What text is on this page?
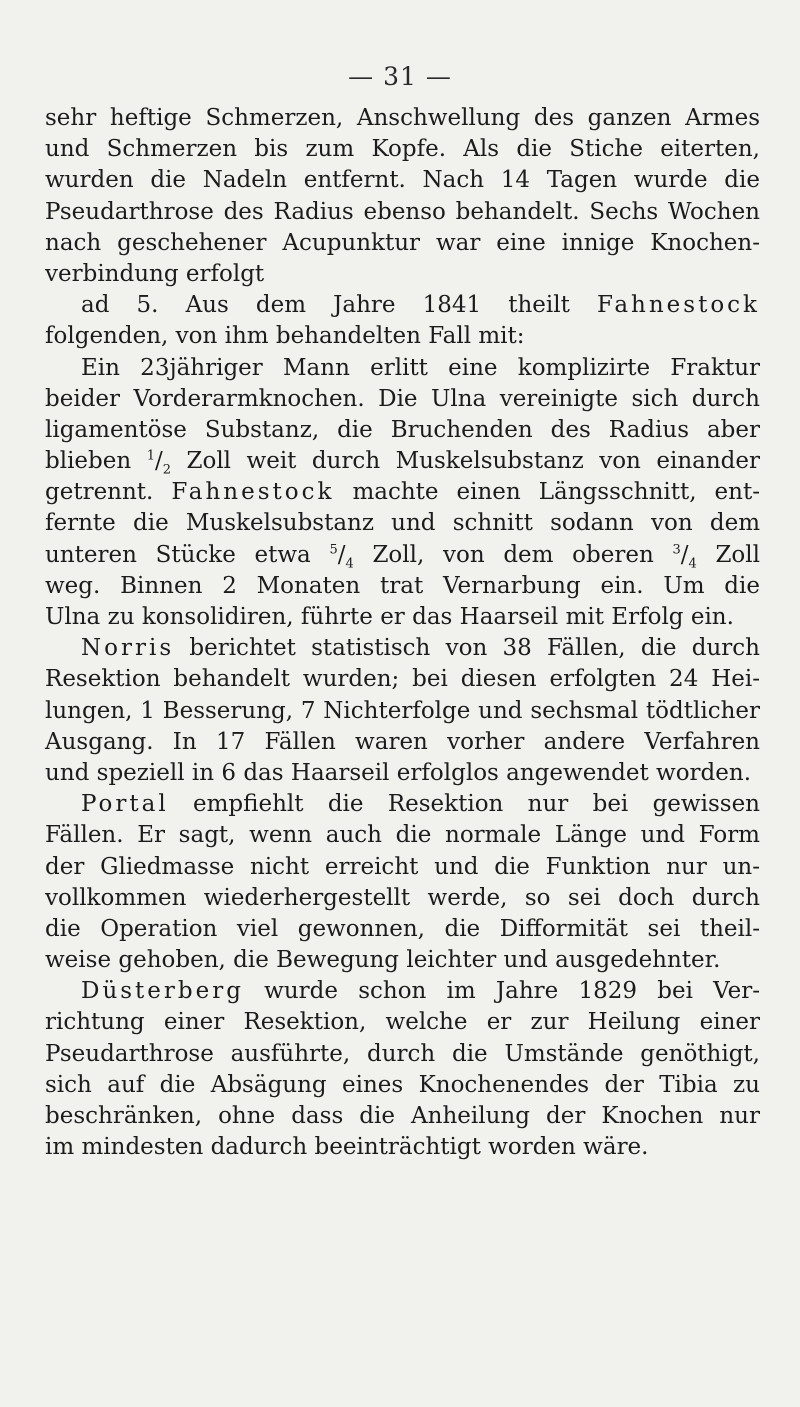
— 31 —
sehr heftige Schmerzen, Anschwellung des ganzen Armes
und Schmerzen bis zum Kopfe. Als die Stiche eiterten,
wurden die Nadeln entfernt. Nach 14 Tagen wurde die
Pseudarthrose des Radius ebenso behandelt. Sechs Wochen
nach geschehener Acupunktur war eine innige Knochen-
verbindung erfolgt
ad 5. Aus dem Jahre 1841 theilt Fahnestock
folgenden, von ihm behandelten Fall mit:
Ein 23jähriger Mann erlitt eine komplizirte Fraktur
beider Vorderarmknochen. Die Ulna vereinigte sich durch
ligamentöse Substanz, die Bruchenden des Radius aber
blieben $^1/_2$ Zoll weit durch Muskelsubstanz von einander
getrennt. Fahnestock machte einen Längsschnitt, ent-
fernte die Muskelsubstanz und schnitt sodann von dem
unteren Stücke etwa $^5/_4$ Zoll, von dem oberen $^3/_4$ Zoll
weg. Binnen 2 Monaten trat Vernarbung ein. Um die
Ulna zu konsolidiren, führte er das Haarseil mit Erfolg ein.
Norris berichtet statistisch von 38 Fällen, die durch
Resektion behandelt wurden; bei diesen erfolgten 24 Hei-
lungen, 1 Besserung, 7 Nichterfolge und sechsmal tödtlicher
Ausgang. In 17 Fällen waren vorher andere Verfahren
und speziell in 6 das Haarseil erfolglos angewendet worden.
Portal empfiehlt die Resektion nur bei gewissen
Fällen. Er sagt, wenn auch die normale Länge und Form
der Gliedmasse nicht erreicht und die Funktion nur un-
vollkommen wiederhergestellt werde, so sei doch durch
die Operation viel gewonnen, die Difformität sei theil-
weise gehoben, die Bewegung leichter und ausgedehnter.
Düsterberg wurde schon im Jahre 1829 bei Ver-
richtung einer Resektion, welche er zur Heilung einer
Pseudarthrose ausführte, durch die Umstände genöthigt,
sich auf die Absägung eines Knochenendes der Tibia zu
beschränken, ohne dass die Anheilung der Knochen nur
im mindesten dadurch beeinträchtigt worden wäre.
